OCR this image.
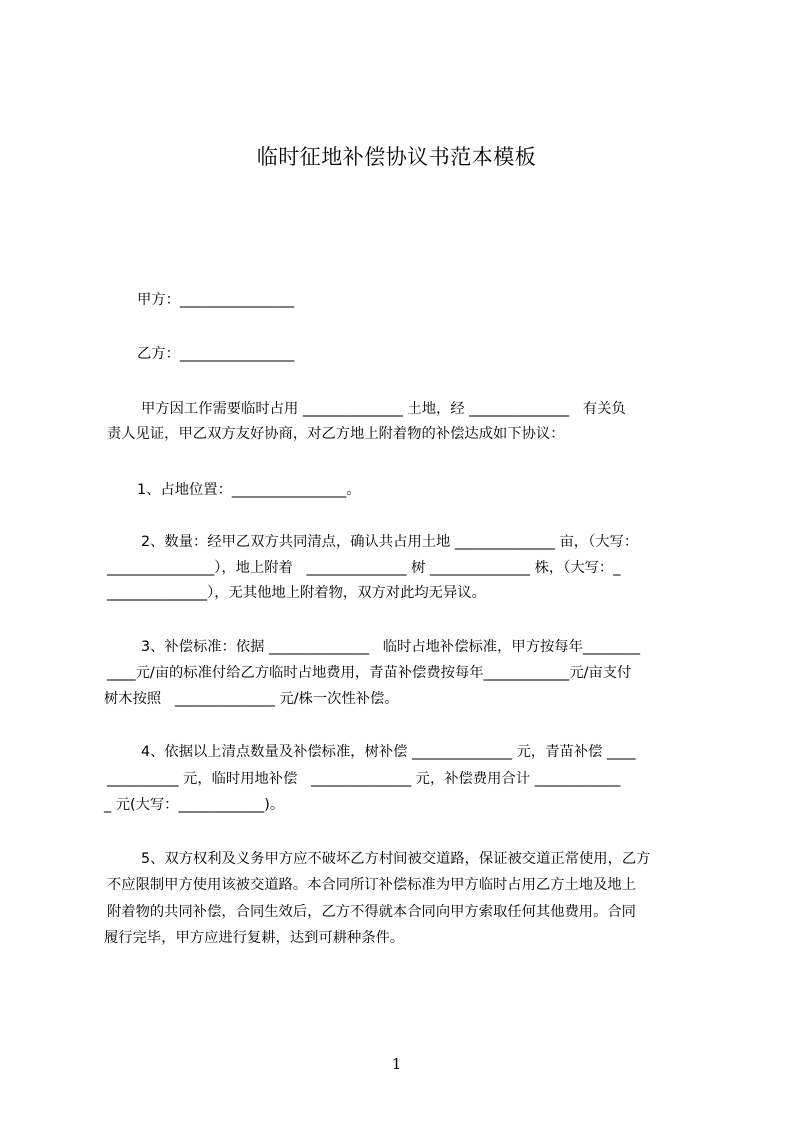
临时征地补偿协议书范本模板
甲方：________________
乙方：________________
甲方因工作需要临时占用 ______________ 土地，经 ______________   有关负
责人见证，甲乙双方友好协商，对乙方地上附着物的补偿达成如下协议：
1、占地位置：________________。
2、数量：经甲乙双方共同清点，确认共占用土地 ______________ 亩，（大写：
_______________），地上附着   ______________ 树 ______________ 株，（大写：_
______________），无其他地上附着物，双方对此均无异议。
3、补偿标准：依据 ______________   临时占地补偿标准，甲方按每年________
____元/亩的标准付给乙方临时占地费用，青苗补偿费按每年____________元/亩支付
树木按照   ______________ 元/株一次性补偿。
4、依据以上清点数量及补偿标准，树补偿 ______________ 元，青苗补偿 ____
__________ 元，临时用地补偿   ______________ 元，补偿费用合计 ____________
_ 元(大写：____________)。
5、双方权利及义务甲方应不破坏乙方村间被交道路，保证被交道正常使用，乙方
不应限制甲方使用该被交道路。本合同所订补偿标准为甲方临时占用乙方土地及地上
附着物的共同补偿，合同生效后，乙方不得就本合同向甲方索取任何其他费用。合同
履行完毕，甲方应进行复耕，达到可耕种条件。
1
